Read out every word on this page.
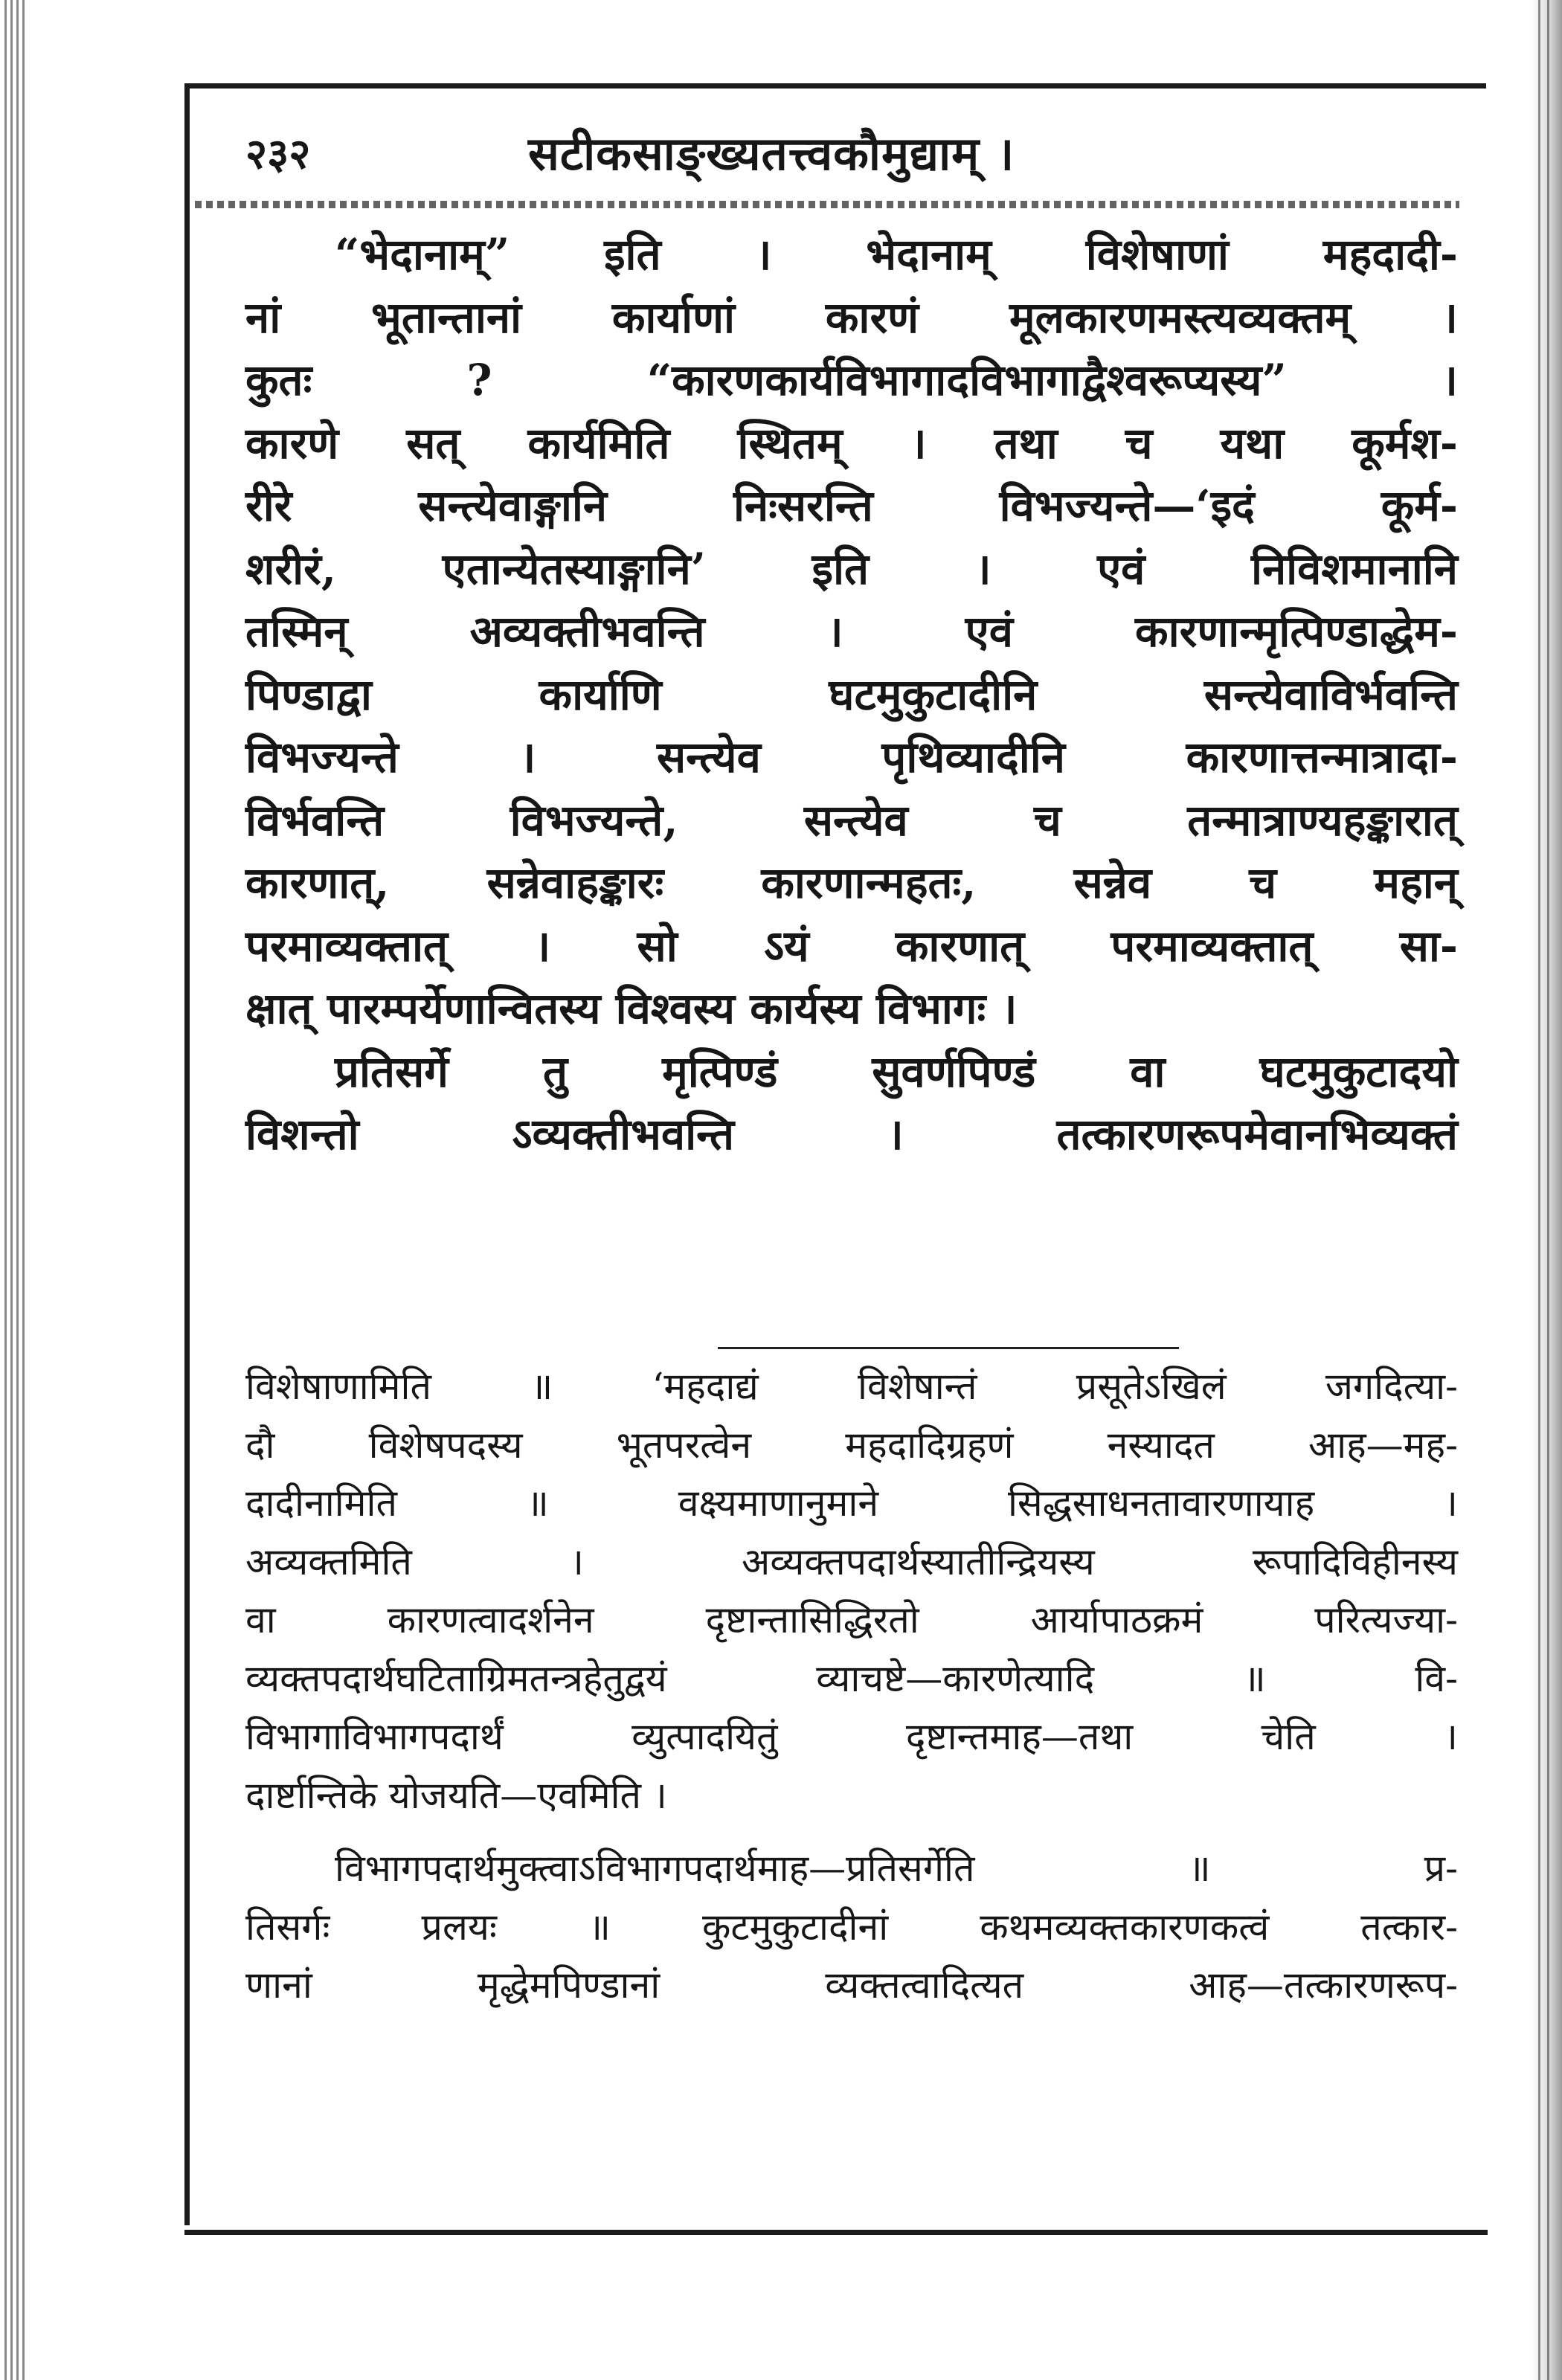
२३२	सटीकसाङ्ख्यतत्त्वकौमुद्याम् ।

“भेदानाम्” इति । भेदानाम् विशेषाणां महदादी-

नां भूतान्तानां कार्याणां कारणं मूलकारणमस्त्यव्यक्तम् ।

कुतः ? “कारणकार्यविभागादविभागाद्वैश्वरूप्यस्य” ।

कारणे सत् कार्यमिति स्थितम् । तथा च यथा कूर्मश-

रीरे सन्त्येवाङ्गानि निःसरन्ति विभज्यन्ते—‘इदं कूर्म-

शरीरं, एतान्येतस्याङ्गानि’ इति । एवं निविशमानानि

तस्मिन् अव्यक्तीभवन्ति । एवं कारणान्मृत्पिण्डाद्धेम-

पिण्डाद्वा कार्याणि घटमुकुटादीनि सन्त्येवाविर्भवन्ति

विभज्यन्ते । सन्त्येव पृथिव्यादीनि कारणात्तन्मात्रादा-

विर्भवन्ति विभज्यन्ते, सन्त्येव च तन्मात्राण्यहङ्कारात्

कारणात्, सन्नेवाहङ्कारः कारणान्महतः, सन्नेव च महान्

परमाव्यक्तात् । सो ऽयं कारणात् परमाव्यक्तात् सा-

क्षात् पारम्पर्येणान्वितस्य विश्वस्य कार्यस्य विभागः ।

प्रतिसर्गे तु मृत्पिण्डं सुवर्णपिण्डं वा घटमुकुटादयो

विशन्तो ऽव्यक्तीभवन्ति । तत्कारणरूपमेवानभिव्यक्तं

विशेषाणामिति ॥ ‘महदाद्यं विशेषान्तं प्रसूतेऽखिलं जगदित्या-

दौ विशेषपदस्य भूतपरत्वेन महदादिग्रहणं नस्यादत आह—मह-

दादीनामिति ॥ वक्ष्यमाणानुमाने सिद्धसाधनतावारणायाह ।

अव्यक्तमिति । अव्यक्तपदार्थस्यातीन्द्रियस्य रूपादिविहीनस्य

वा कारणत्वादर्शनेन दृष्टान्तासिद्धिरतो आर्यापाठक्रमं परित्यज्या-

व्यक्तपदार्थघटिताग्रिमतन्त्रहेतुद्वयं व्याचष्टे—कारणेत्यादि ॥ वि-

विभागाविभागपदार्थं व्युत्पादयितुं दृष्टान्तमाह—तथा चेति ।

दार्ष्टान्तिके योजयति—एवमिति ।

विभागपदार्थमुक्त्वाऽविभागपदार्थमाह—प्रतिसर्गेति ॥ प्र-

तिसर्गः प्रलयः ॥ कुटमुकुटादीनां कथमव्यक्तकारणकत्वं तत्कार-

णानां मृद्धेमपिण्डानां व्यक्तत्वादित्यत आह—तत्कारणरूप-
